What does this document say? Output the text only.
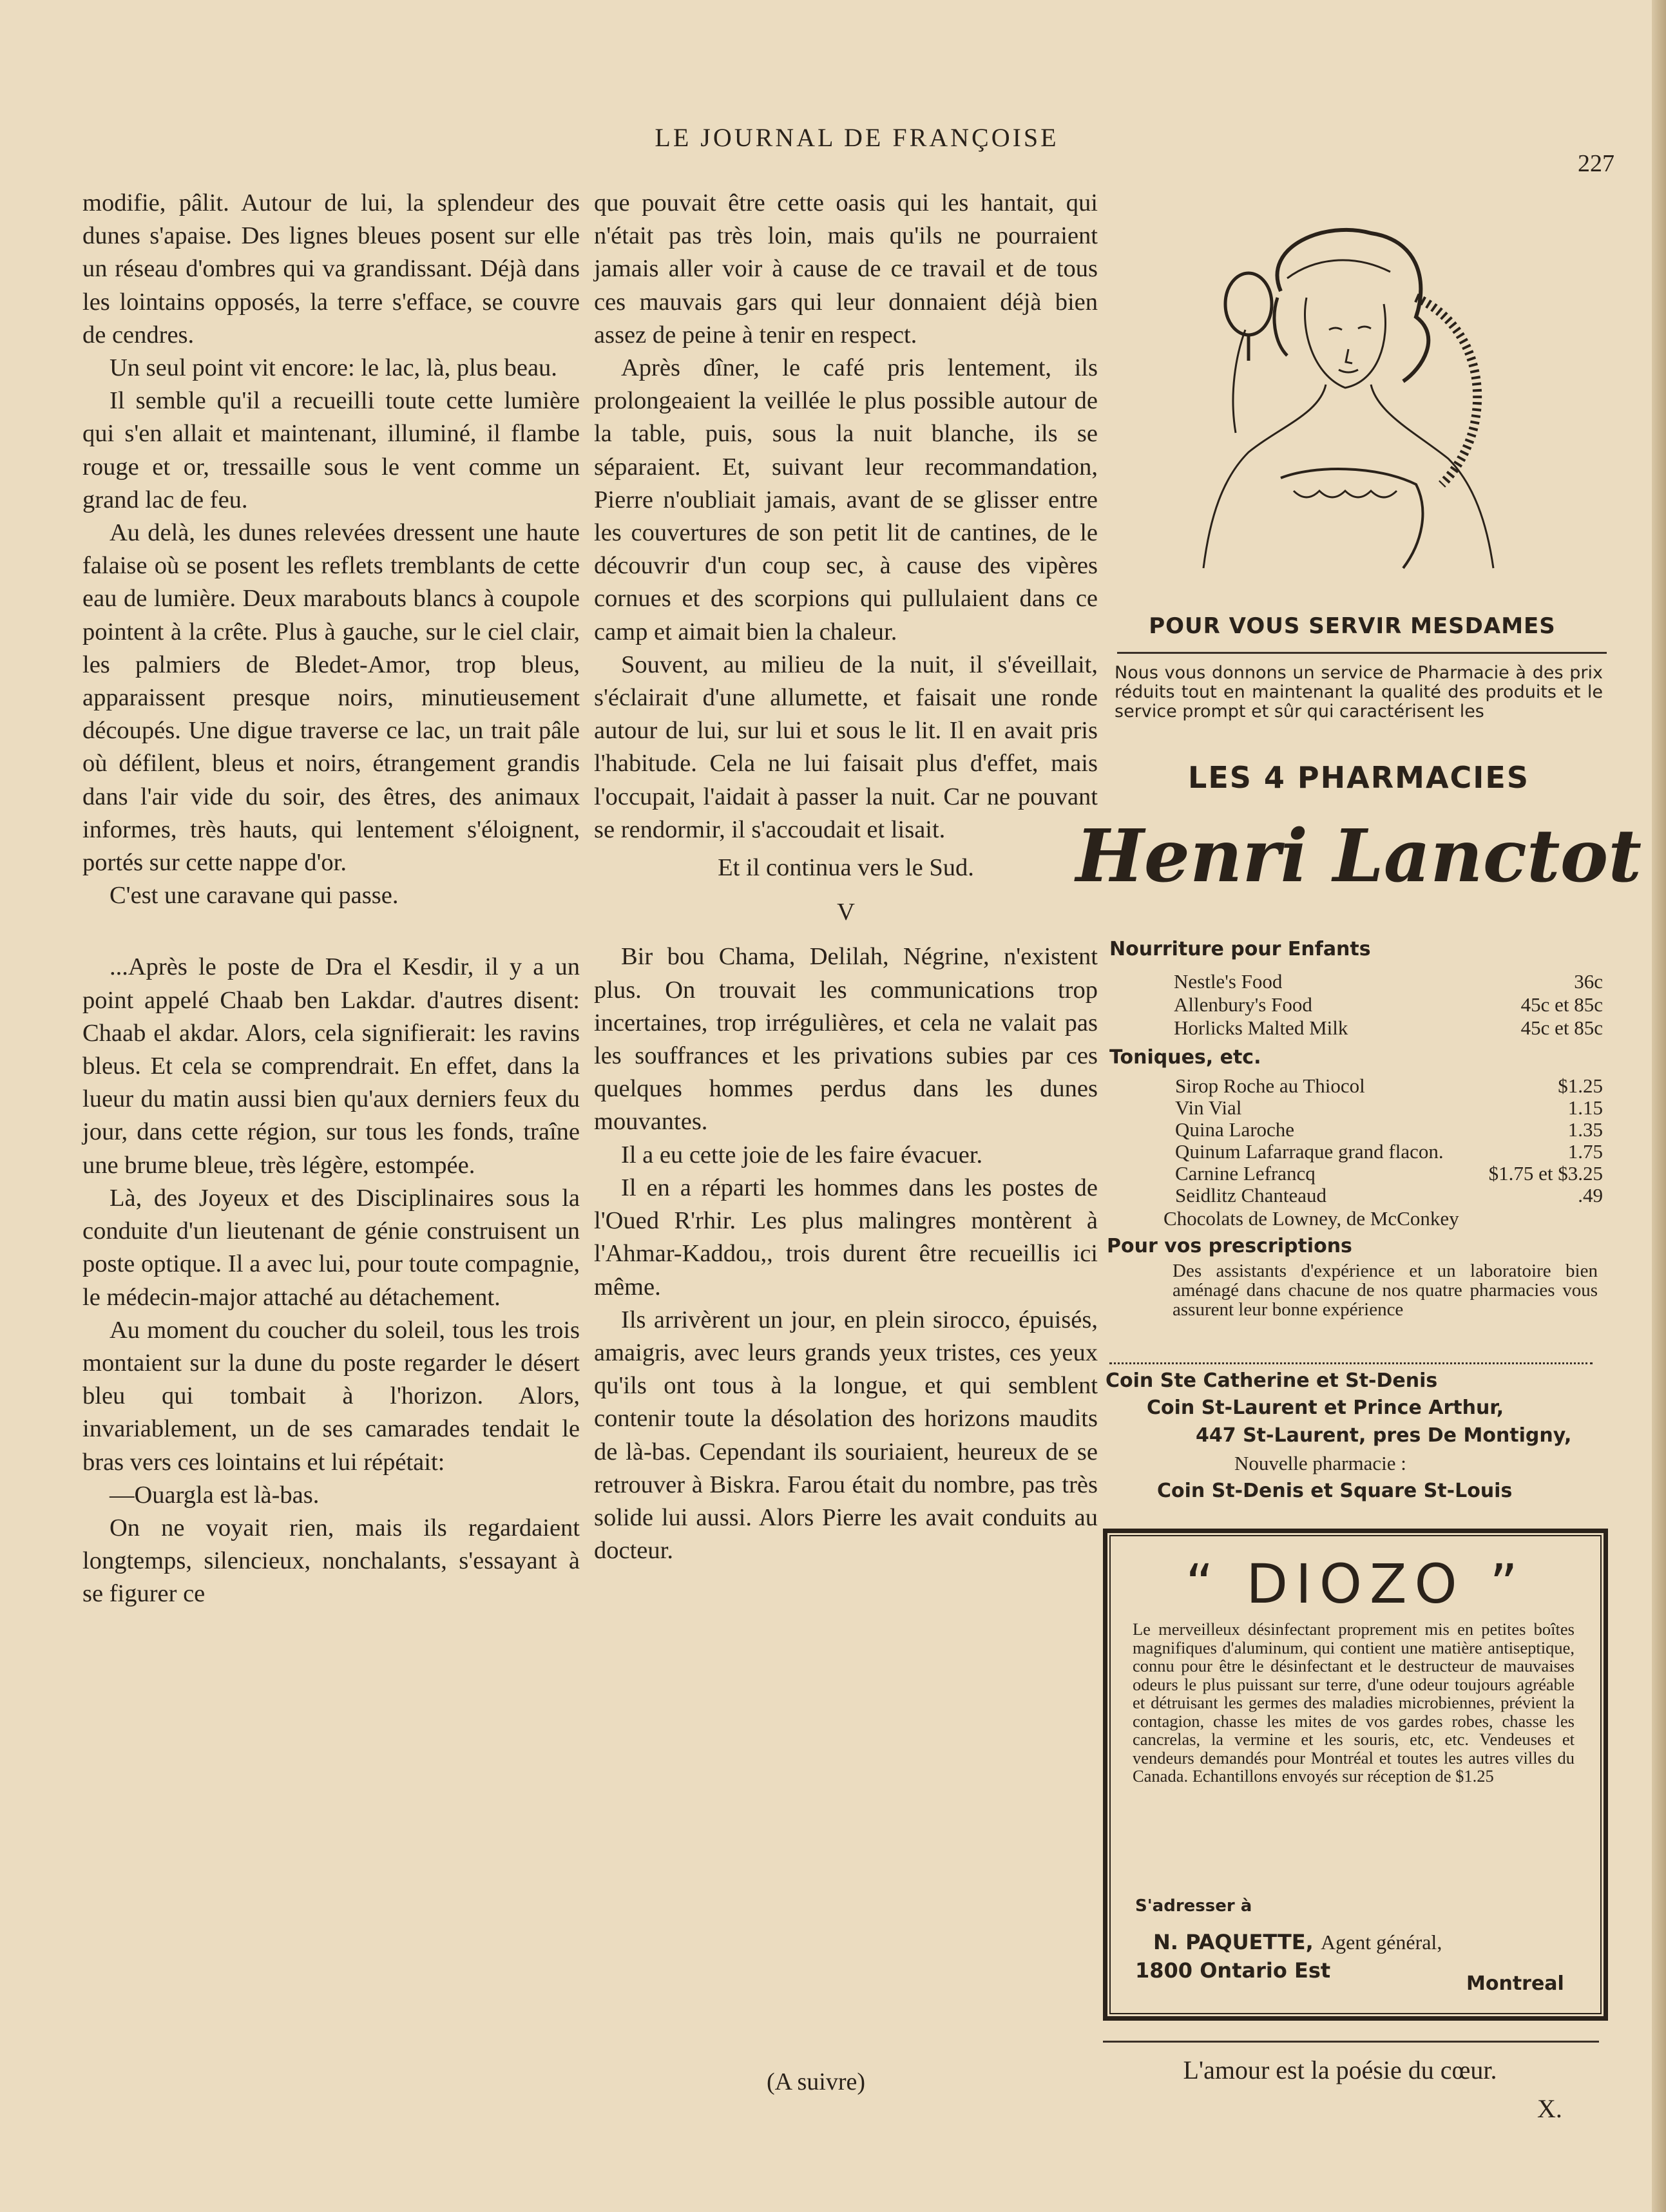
LE JOURNAL DE FRANÇOISE
227

modifie, pâlit. Autour de lui, la splendeur des dunes s'apaise. Des lignes bleues posent sur elle un réseau d'ombres qui va grandissant. Déjà dans les lointains opposés, la terre s'efface, se couvre de cendres.

Un seul point vit encore: le lac, là, plus beau.

Il semble qu'il a recueilli toute cette lumière qui s'en allait et maintenant, illuminé, il flambe rouge et or, tressaille sous le vent comme un grand lac de feu.

Au delà, les dunes relevées dressent une haute falaise où se posent les reflets tremblants de cette eau de lumière. Deux marabouts blancs à coupole pointent à la crête. Plus à gauche, sur le ciel clair, les palmiers de Bledet-Amor, trop bleus, apparaissent presque noirs, minutieusement découpés. Une digue traverse ce lac, un trait pâle où défilent, bleus et noirs, étrangement grandis dans l'air vide du soir, des êtres, des animaux informes, très hauts, qui lentement s'éloignent, portés sur cette nappe d'or.

C'est une caravane qui passe.

...Après le poste de Dra el Kesdir, il y a un point appelé Chaab ben Lakdar. d'autres disent: Chaab el akdar. Alors, cela signifierait: les ravins bleus. Et cela se comprendrait. En effet, dans la lueur du matin aussi bien qu'aux derniers feux du jour, dans cette région, sur tous les fonds, traîne une brume bleue, très légère, estompée.

Là, des Joyeux et des Disciplinaires sous la conduite d'un lieutenant de génie construisent un poste optique. Il a avec lui, pour toute compagnie, le médecin-major attaché au détachement.

Au moment du coucher du soleil, tous les trois montaient sur la dune du poste regarder le désert bleu qui tombait à l'horizon. Alors, invariablement, un de ses camarades tendait le bras vers ces lointains et lui répétait:

—Ouargla est là-bas.

On ne voyait rien, mais ils regardaient longtemps, silencieux, nonchalants, s'essayant à se figurer ce

que pouvait être cette oasis qui les hantait, qui n'était pas très loin, mais qu'ils ne pourraient jamais aller voir à cause de ce travail et de tous ces mauvais gars qui leur donnaient déjà bien assez de peine à tenir en respect.

Après dîner, le café pris lentement, ils prolongeaient la veillée le plus possible autour de la table, puis, sous la nuit blanche, ils se séparaient. Et, suivant leur recommandation, Pierre n'oubliait jamais, avant de se glisser entre les couvertures de son petit lit de cantines, de le découvrir d'un coup sec, à cause des vipères cornues et des scorpions qui pullulaient dans ce camp et aimait bien la chaleur.

Souvent, au milieu de la nuit, il s'éveillait, s'éclairait d'une allumette, et faisait une ronde autour de lui, sur lui et sous le lit. Il en avait pris l'habitude. Cela ne lui faisait plus d'effet, mais l'occupait, l'aidait à passer la nuit. Car ne pouvant se rendormir, il s'accoudait et lisait.

Et il continua vers le Sud.

V

Bir bou Chama, Delilah, Négrine, n'existent plus. On trouvait les communications trop incertaines, trop irrégulières, et cela ne valait pas les souffrances et les privations subies par ces quelques hommes perdus dans les dunes mouvantes.

Il a eu cette joie de les faire évacuer.

Il en a réparti les hommes dans les postes de l'Oued R'rhir. Les plus malingres montèrent à l'Ahmar-Kaddou,, trois durent être recueillis ici même.

Ils arrivèrent un jour, en plein sirocco, épuisés, amaigris, avec leurs grands yeux tristes, ces yeux qu'ils ont tous à la longue, et qui semblent contenir toute la désolation des horizons maudits de là-bas. Cependant ils souriaient, heureux de se retrouver à Biskra. Farou était du nombre, pas très solide lui aussi. Alors Pierre les avait conduits au docteur.

(A suivre)
POUR VOUS SERVIR MESDAMES
Nous vous donnons un service de Pharmacie à des prix réduits tout en maintenant la qualité des produits et le service prompt et sûr qui caractérisent les
LES 4 PHARMACIES
Henri Lanctot
Nourriture pour Enfants
Nestle's Food	36c
Allenbury's Food	45c et 85c
Horlicks Malted Milk	45c et 85c
Toniques, etc.
Sirop Roche au Thiocol	$1.25
Vin Vial	1.15
Quina Laroche	1.35
Quinum Lafarraque grand flacon.	1.75
Carnine Lefrancq	$1.75 et $3.25
Seidlitz Chanteaud	.49
Chocolats de Lowney, de McConkey
Pour vos prescriptions
Des assistants d'expérience et un laboratoire bien aménagé dans chacune de nos quatre pharmacies vous assurent leur bonne expérience
Coin Ste Catherine et St-Denis
Coin St-Laurent et Prince Arthur,
447 St-Laurent, pres De Montigny,
Nouvelle pharmacie :
Coin St-Denis et Square St-Louis
“ DIOZO ”
Le merveilleux désinfectant proprement mis en petites boîtes magnifiques d'aluminum, qui contient une matière antiseptique, connu pour être le désinfectant et le destructeur de mauvaises odeurs le plus puissant sur terre, d'une odeur toujours agréable et détruisant les germes des maladies microbiennes, prévient la contagion, chasse les mites de vos gardes robes, chasse les cancrelas, la vermine et les souris, etc, etc. Vendeuses et vendeurs demandés pour Montréal et toutes les autres villes du Canada. Echantillons envoyés sur réception de $1.25
S'adresser à
N. PAQUETTE, Agent général,
1800 Ontario Est
Montreal
L'amour est la poésie du cœur.
X.
